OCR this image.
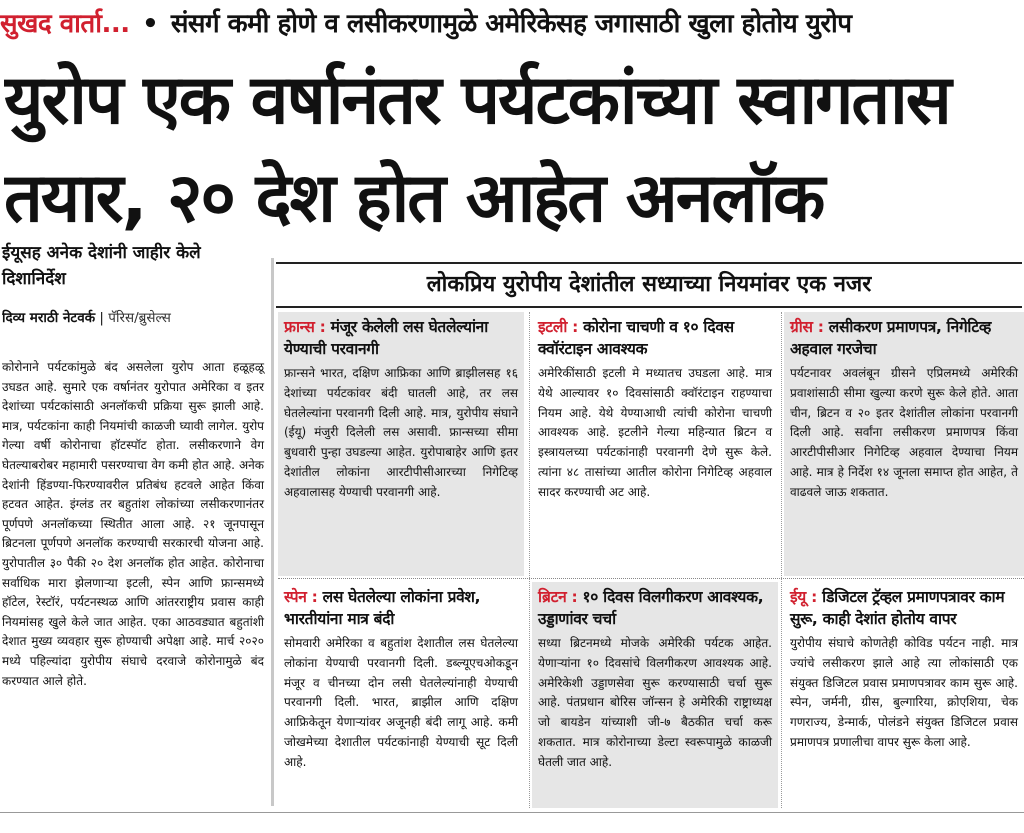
सुखद वार्ता... • संसर्ग कमी होणे व लसीकरणामुळे अमेरिकेसह जगासाठी खुला होतोय युरोप
युरोप एक वर्षानंतर पर्यटकांच्या स्वागतास
तयार, २० देश होत आहेत अनलॉक
ईयूसह अनेक देशांनी जाहीर केले दिशानिर्देश
दिव्य मराठी नेटवर्क | पॅरिस/ब्रुसेल्स
कोरोनाने पर्यटकांमुळे बंद असलेला युरोप आता हळूहळू उघडत आहे. सुमारे एक वर्षानंतर युरोपात अमेरिका व इतर देशांच्या पर्यटकांसाठी अनलॉकची प्रक्रिया सुरू झाली आहे. मात्र, पर्यटकांना काही नियमांची काळजी घ्यावी लागेल. युरोप गेल्या वर्षी कोरोनाचा हॉटस्पॉट होता. लसीकरणाने वेग घेतल्याबरोबर महामारी पसरण्याचा वेग कमी होत आहे. अनेक देशांनी हिंडण्या-फिरण्यावरील प्रतिबंध हटवले आहेत किंवा हटवत आहेत. इंग्लंड तर बहुतांश लोकांच्या लसीकरणानंतर पूर्णपणे अनलॉकच्या स्थितीत आला आहे. २१ जूनपासून ब्रिटनला पूर्णपणे अनलॉक करण्याची सरकारची योजना आहे. युरोपातील ३० पैकी २० देश अनलॉक होत आहेत. कोरोनाचा सर्वाधिक मारा झेलणाऱ्या इटली, स्पेन आणि फ्रान्समध्ये हॉटेल, रेस्टॉरं, पर्यटनस्थळ आणि आंतरराष्ट्रीय प्रवास काही नियमांसह खुले केले जात आहेत. एका आठवड्यात बहुतांशी देशात मुख्य व्यवहार सुरू होण्याची अपेक्षा आहे. मार्च २०२० मध्ये पहिल्यांदा युरोपीय संघाचे दरवाजे कोरोनामुळे बंद करण्यात आले होते.
लोकप्रिय युरोपीय देशांतील सध्याच्या नियमांवर एक नजर
फ्रान्स : मंजूर केलेली लस घेतलेल्यांना येण्याची परवानगी
फ्रान्सने भारत, दक्षिण आफ्रिका आणि ब्राझीलसह १६ देशांच्या पर्यटकांवर बंदी घातली आहे, तर लस घेतलेल्यांना परवानगी दिली आहे. मात्र, युरोपीय संघाने (ईयू) मंजुरी दिलेली लस असावी. फ्रान्सच्या सीमा बुधवारी पुन्हा उघडल्या आहेत. युरोपाबाहेर आणि इतर देशांतील लोकांना आरटीपीसीआरच्या निगेटिव्ह अहवालासह येण्याची परवानगी आहे.
इटली : कोरोना चाचणी व १० दिवस क्वॉरंटाइन आवश्यक
अमेरिकींसाठी इटली मे मध्यातच उघडला आहे. मात्र येथे आल्यावर १० दिवसांसाठी क्वॉरंटाइन राहण्याचा नियम आहे. येथे येण्याआधी त्यांची कोरोना चाचणी आवश्यक आहे. इटलीने गेल्या महिन्यात ब्रिटन व इस्त्रायलच्या पर्यटकांनाही परवानगी देणे सुरू केले. त्यांना ४८ तासांच्या आतील कोरोना निगेटिव्ह अहवाल सादर करण्याची अट आहे.
ग्रीस : लसीकरण प्रमाणपत्र, निगेटिव्ह अहवाल गरजेचा
पर्यटनावर अवलंबून ग्रीसने एप्रिलमध्ये अमेरिकी प्रवाशांसाठी सीमा खुल्या करणे सुरू केले होते. आता चीन, ब्रिटन व २० इतर देशांतील लोकांना परवानगी दिली आहे. सर्वांना लसीकरण प्रमाणपत्र किंवा आरटीपीसीआर निगेटिव्ह अहवाल देण्याचा नियम आहे. मात्र हे निर्देश १४ जूनला समाप्त होत आहेत, ते वाढवले जाऊ शकतात.
स्पेन : लस घेतलेल्या लोकांना प्रवेश, भारतीयांना मात्र बंदी
सोमवारी अमेरिका व बहुतांश देशातील लस घेतलेल्या लोकांना येण्याची परवानगी दिली. डब्ल्यूएचओकडून मंजूर व चीनच्या दोन लसी घेतलेल्यांनाही येण्याची परवानगी दिली. भारत, ब्राझील आणि दक्षिण आफ्रिकेतून येणाऱ्यांवर अजूनही बंदी लागू आहे. कमी जोखमेच्या देशातील पर्यटकांनाही येण्याची सूट दिली आहे.
ब्रिटन : १० दिवस विलगीकरण आवश्यक, उड्डाणांवर चर्चा
सध्या ब्रिटनमध्ये मोजके अमेरिकी पर्यटक आहेत. येणाऱ्यांना १० दिवसांचे विलगीकरण आवश्यक आहे. अमेरिकेशी उड्डाणसेवा सुरू करण्यासाठी चर्चा सुरू आहे. पंतप्रधान बोरिस जॉन्सन हे अमेरिकी राष्ट्राध्यक्ष जो बायडेन यांच्याशी जी-७ बैठकीत चर्चा करू शकतात. मात्र कोरोनाच्या डेल्टा स्वरूपामुळे काळजी घेतली जात आहे.
ईयू : डिजिटल ट्रॅव्हल प्रमाणपत्रावर काम सुरू, काही देशांत होतोय वापर
युरोपीय संघाचे कोणतेही कोविड पर्यटन नाही. मात्र ज्यांचे लसीकरण झाले आहे त्या लोकांसाठी एक संयुक्त डिजिटल प्रवास प्रमाणपत्रावर काम सुरू आहे. स्पेन, जर्मनी, ग्रीस, बुल्गारिया, क्रोएशिया, चेक गणराज्य, डेन्मार्क, पोलंडने संयुक्त डिजिटल प्रवास प्रमाणपत्र प्रणालीचा वापर सुरू केला आहे.
